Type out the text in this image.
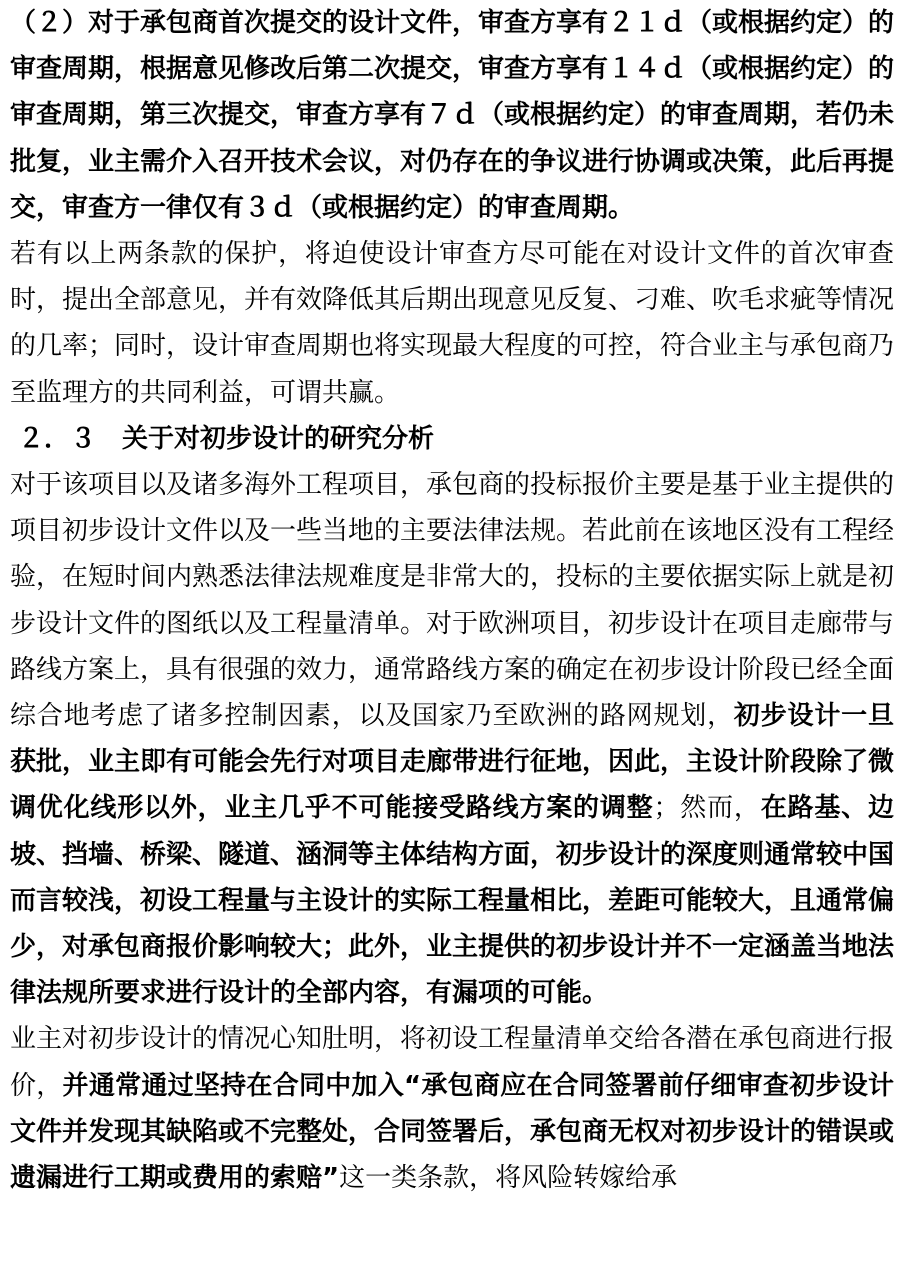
（２）对于承包商首次提交的设计文件，审查方享有２１ｄ（或根据约定）的审查周期，根据意见修改后第二次提交，审查方享有１４ｄ（或根据约定）的审查周期，第三次提交，审查方享有７ｄ（或根据约定）的审查周期，若仍未批复，业主需介入召开技术会议，对仍存在的争议进行协调或决策，此后再提交，审查方一律仅有３ｄ（或根据约定）的审查周期。

若有以上两条款的保护，将迫使设计审查方尽可能在对设计文件的首次审查时，提出全部意见，并有效降低其后期出现意见反复、刁难、吹毛求疵等情况的几率；同时，设计审查周期也将实现最大程度的可控，符合业主与承包商乃至监理方的共同利益，可谓共赢。

２．３　关于对初步设计的研究分析

对于该项目以及诸多海外工程项目，承包商的投标报价主要是基于业主提供的项目初步设计文件以及一些当地的主要法律法规。若此前在该地区没有工程经验，在短时间内熟悉法律法规难度是非常大的，投标的主要依据实际上就是初步设计文件的图纸以及工程量清单。对于欧洲项目，初步设计在项目走廊带与路线方案上，具有很强的效力，通常路线方案的确定在初步设计阶段已经全面综合地考虑了诸多控制因素，以及国家乃至欧洲的路网规划，初步设计一旦获批，业主即有可能会先行对项目走廊带进行征地，因此，主设计阶段除了微调优化线形以外，业主几乎不可能接受路线方案的调整；然而，在路基、边坡、挡墙、桥梁、隧道、涵洞等主体结构方面，初步设计的深度则通常较中国而言较浅，初设工程量与主设计的实际工程量相比，差距可能较大，且通常偏少，对承包商报价影响较大；此外，业主提供的初步设计并不一定涵盖当地法律法规所要求进行设计的全部内容，有漏项的可能。

业主对初步设计的情况心知肚明，将初设工程量清单交给各潜在承包商进行报价，并通常通过坚持在合同中加入“承包商应在合同签署前仔细审查初步设计文件并发现其缺陷或不完整处，合同签署后，承包商无权对初步设计的错误或遗漏进行工期或费用的索赔”这一类条款，将风险转嫁给承
